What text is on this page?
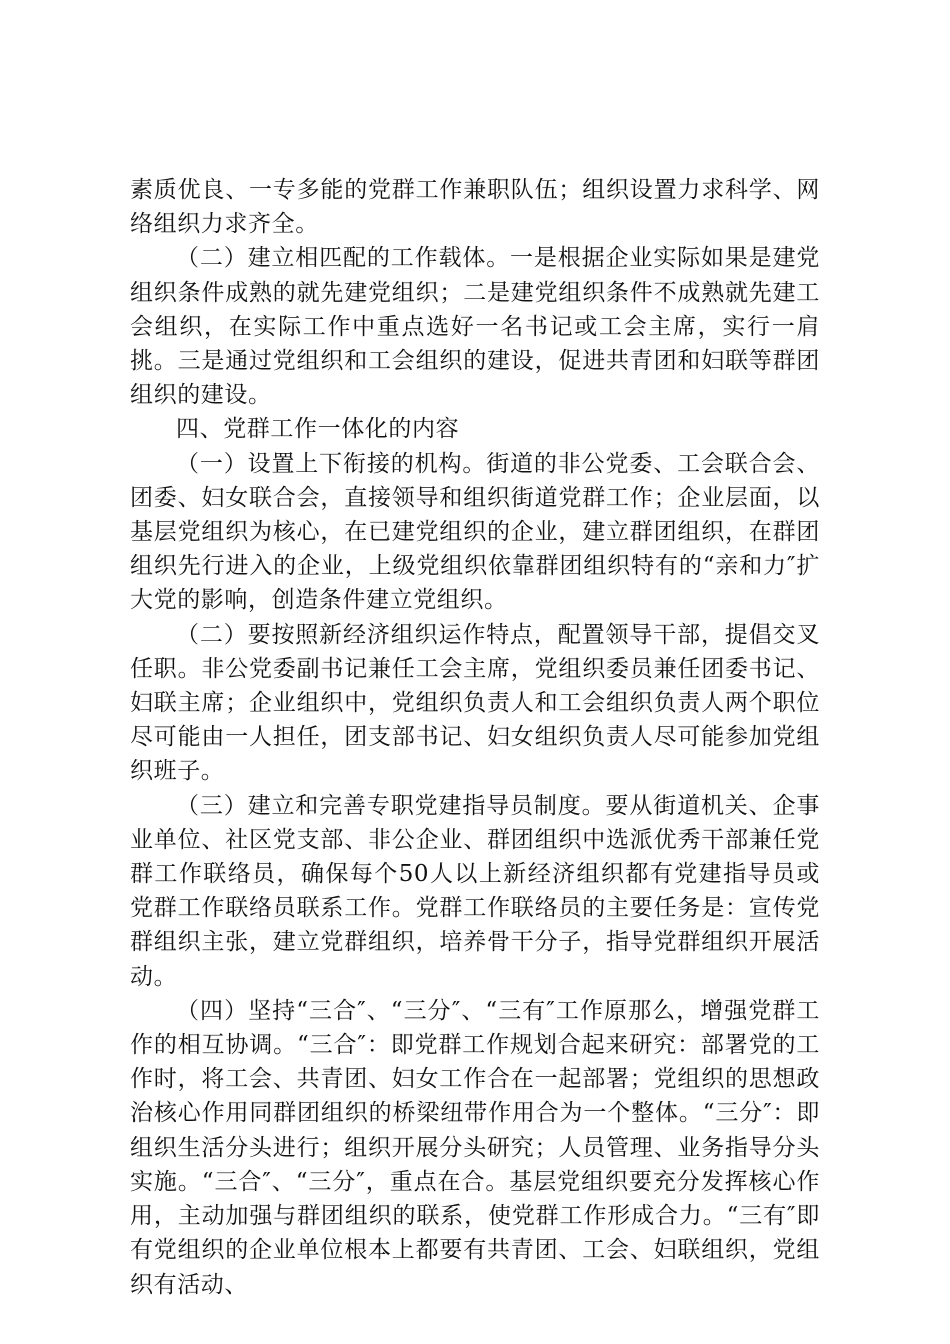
素质优良、一专多能的党群工作兼职队伍；组织设置力求科学、网络组织力求齐全。

（二）建立相匹配的工作载体。一是根据企业实际如果是建党组织条件成熟的就先建党组织；二是建党组织条件不成熟就先建工会组织，在实际工作中重点选好一名书记或工会主席，实行一肩挑。三是通过党组织和工会组织的建设，促进共青团和妇联等群团组织的建设。

四、党群工作一体化的内容

（一）设置上下衔接的机构。街道的非公党委、工会联合会、团委、妇女联合会，直接领导和组织街道党群工作；企业层面，以基层党组织为核心，在已建党组织的企业，建立群团组织，在群团组织先行进入的企业，上级党组织依靠群团组织特有的“亲和力″扩大党的影响，创造条件建立党组织。

（二）要按照新经济组织运作特点，配置领导干部，提倡交叉任职。非公党委副书记兼任工会主席，党组织委员兼任团委书记、妇联主席；企业组织中，党组织负责人和工会组织负责人两个职位尽可能由一人担任，团支部书记、妇女组织负责人尽可能参加党组织班子。

（三）建立和完善专职党建指导员制度。要从街道机关、企事业单位、社区党支部、非公企业、群团组织中选派优秀干部兼任党群工作联络员，确保每个50人以上新经济组织都有党建指导员或党群工作联络员联系工作。党群工作联络员的主要任务是：宣传党群组织主张，建立党群组织，培养骨干分子，指导党群组织开展活动。

（四）坚持“三合″、“三分″、“三有″工作原那么，增强党群工作的相互协调。“三合″：即党群工作规划合起来研究：部署党的工作时，将工会、共青团、妇女工作合在一起部署；党组织的思想政治核心作用同群团组织的桥梁纽带作用合为一个整体。“三分″：即组织生活分头进行；组织开展分头研究；人员管理、业务指导分头实施。“三合″、“三分″，重点在合。基层党组织要充分发挥核心作用，主动加强与群团组织的联系，使党群工作形成合力。“三有″即有党组织的企业单位根本上都要有共青团、工会、妇联组织，党组织有活动、
